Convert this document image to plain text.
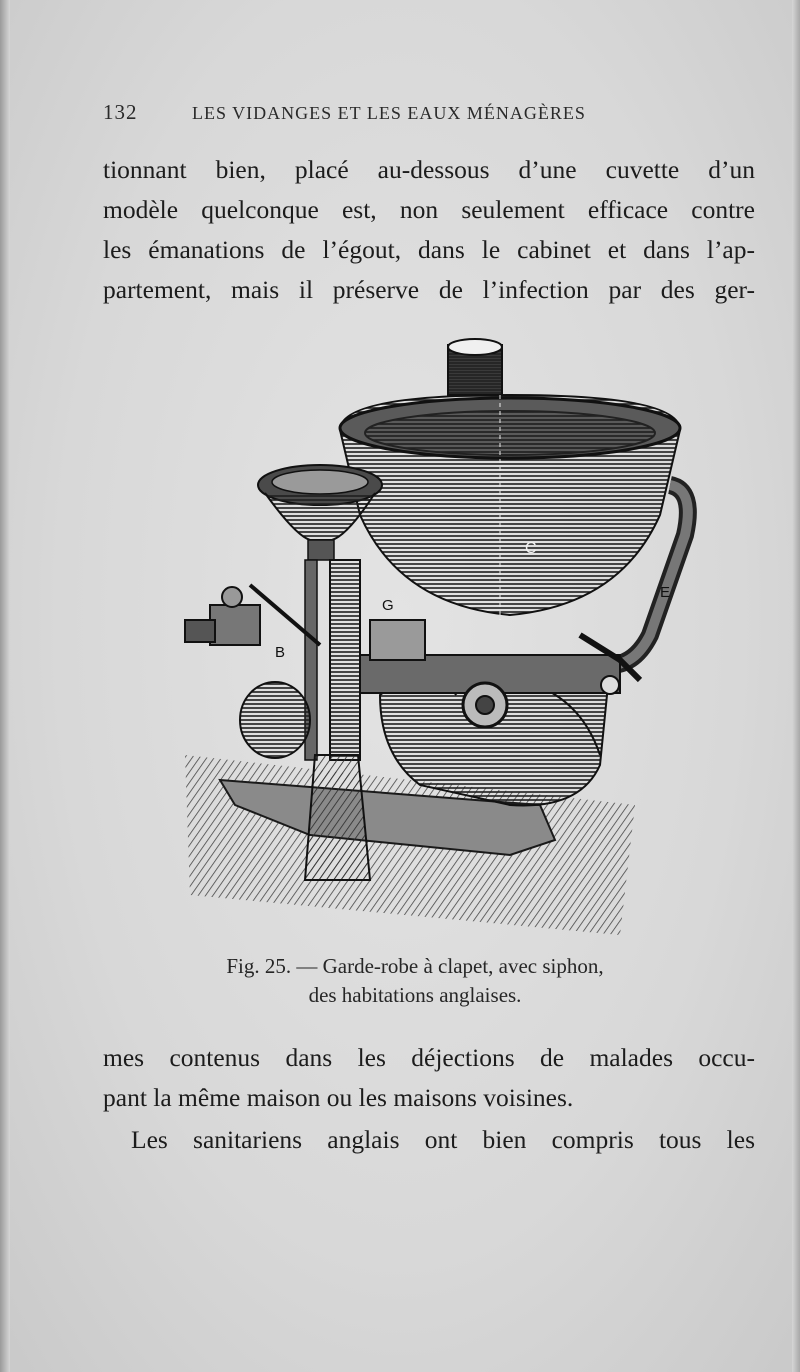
132	LES VIDANGES ET LES EAUX MÉNAGÈRES
tionnant bien, placé au-dessous d’une cuvette d’un
modèle quelconque est, non seulement efficace contre
les émanations de l’égout, dans le cabinet et dans l’ap-
partement, mais il préserve de l’infection par des ger-
C
E
G
B
Fig. 25. — Garde-robe à clapet, avec siphon,
des habitations anglaises.
mes contenus dans les déjections de malades occu-
pant la même maison ou les maisons voisines.
Les sanitariens anglais ont bien compris tous les
